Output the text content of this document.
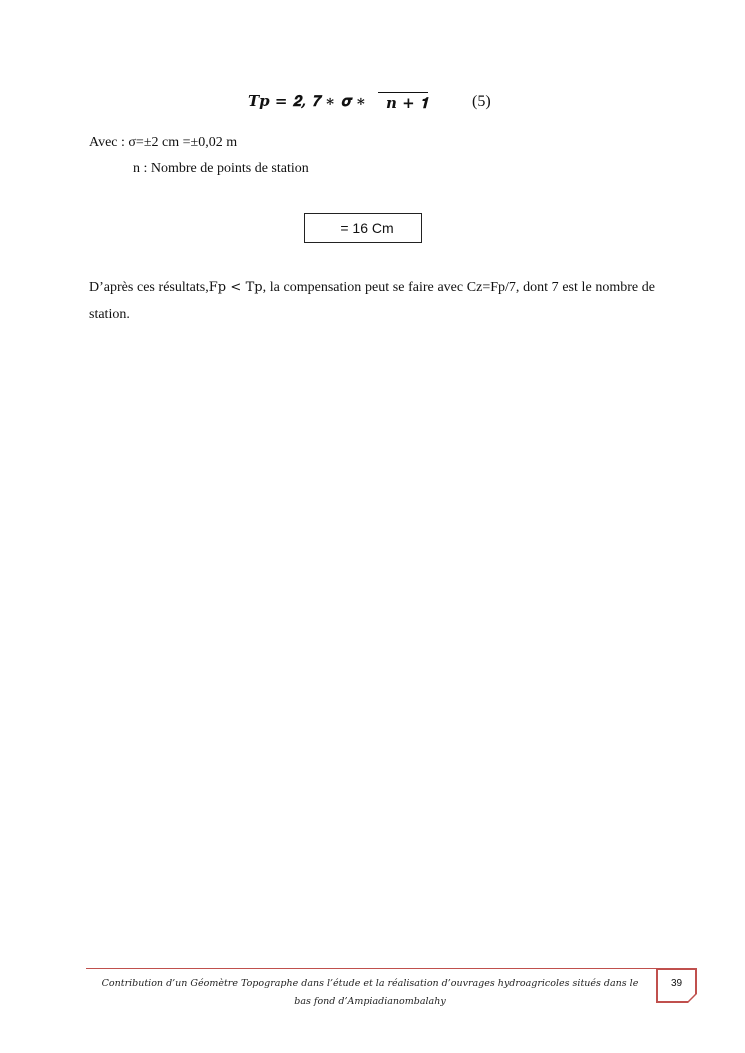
𝑻𝒑 = 𝟐, 𝟕 ∗ 𝛔 ∗	𝒏 + 𝟏	(5)
Avec : σ=±2 cm =±0,02 m
n : Nombre de points de station
= 16 Cm
D’après ces résultats,Fp < Tp, la compensation peut se faire avec Cz=Fp/7, dont 7 est le nombre de station.
Contribution d’un Géomètre Topographe dans l’étude et la réalisation d’ouvrages hydroagricoles situés dans le bas fond d’Ampiadianombalahy
39
